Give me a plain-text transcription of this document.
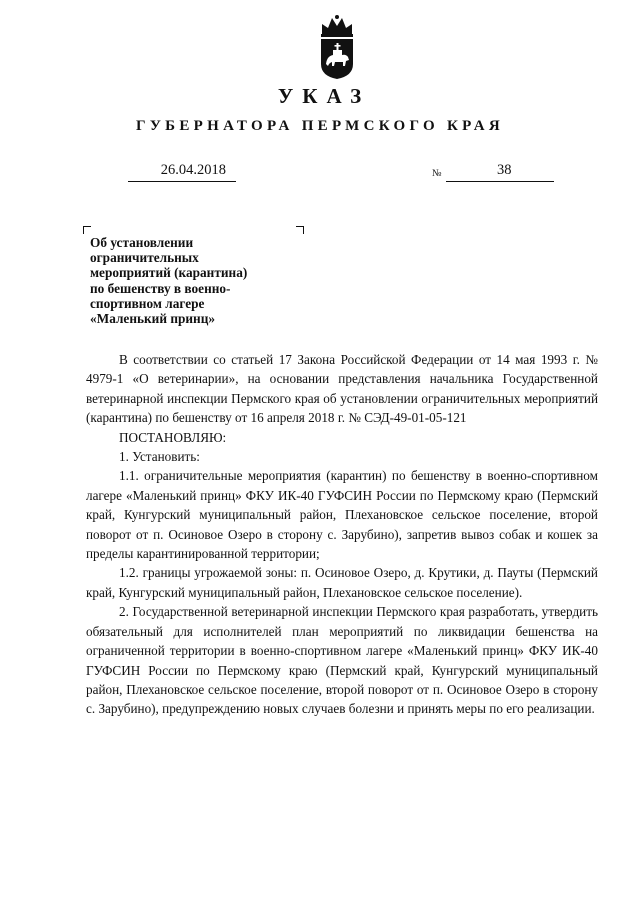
УКАЗ
ГУБЕРНАТОРА ПЕРМСКОГО КРАЯ
26.04.2018	№	38
Об установлении
ограничительных
мероприятий (карантина)
по бешенству в военно-
спортивном лагере
«Маленький принц»

В соответствии со статьей 17 Закона Российской Федерации от 14 мая 1993 г. № 4979-1 «О ветеринарии», на основании представления начальника Государственной ветеринарной инспекции Пермского края об установлении ограничительных мероприятий (карантина) по бешенству от 16 апреля 2018 г. № СЭД-49-01-05-121

ПОСТАНОВЛЯЮ:

1. Установить:

1.1. ограничительные мероприятия (карантин) по бешенству в военно-спортивном лагере «Маленький принц» ФКУ ИК-40 ГУФСИН России по Пермскому краю (Пермский край, Кунгурский муниципальный район, Плехановское сельское поселение, второй поворот от п. Осиновое Озеро в сторону с. Зарубино), запретив вывоз собак и кошек за пределы карантинированной территории;

1.2. границы угрожаемой зоны: п. Осиновое Озеро, д. Крутики, д. Пауты (Пермский край, Кунгурский муниципальный район, Плехановское сельское поселение).

2. Государственной ветеринарной инспекции Пермского края разработать, утвердить обязательный для исполнителей план мероприятий по ликвидации бешенства на ограниченной территории в военно-спортивном лагере «Маленький принц» ФКУ ИК-40 ГУФСИН России по Пермскому краю (Пермский край, Кунгурский муниципальный район, Плехановское сельское поселение, второй поворот от п. Осиновое Озеро в сторону с. Зарубино), предупреждению новых случаев болезни и принять меры по его реализации.
